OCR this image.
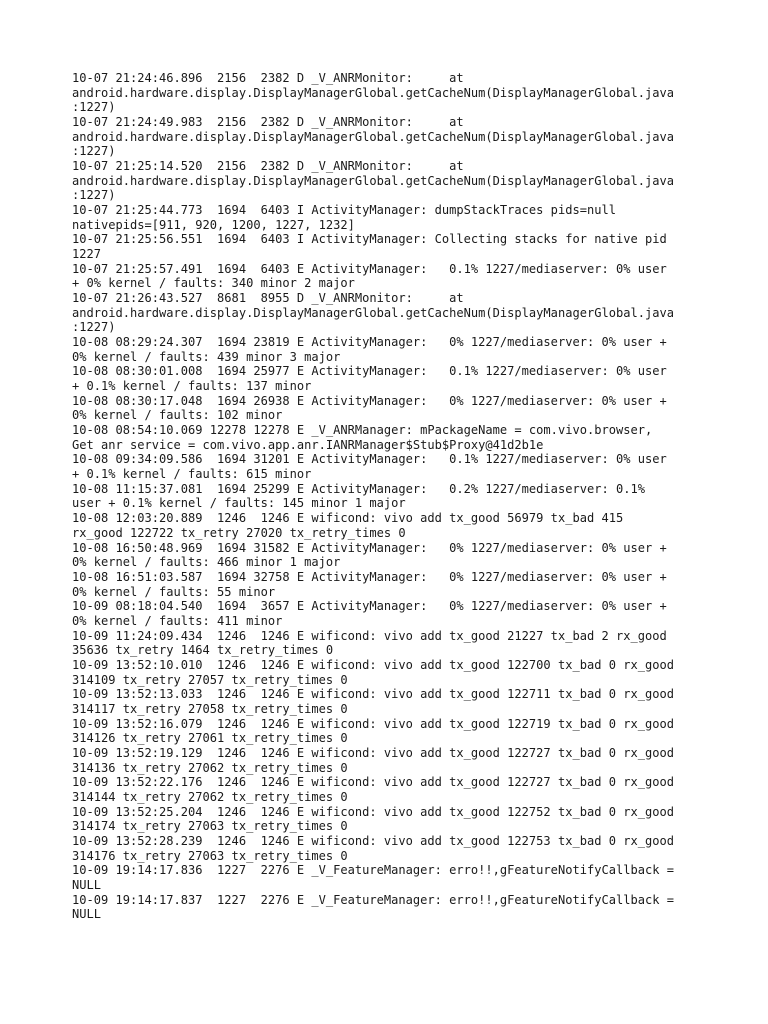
10-07 21:24:46.896  2156  2382 D _V_ANRMonitor:     at
android.hardware.display.DisplayManagerGlobal.getCacheNum(DisplayManagerGlobal.java
:1227)
10-07 21:24:49.983  2156  2382 D _V_ANRMonitor:     at
android.hardware.display.DisplayManagerGlobal.getCacheNum(DisplayManagerGlobal.java
:1227)
10-07 21:25:14.520  2156  2382 D _V_ANRMonitor:     at
android.hardware.display.DisplayManagerGlobal.getCacheNum(DisplayManagerGlobal.java
:1227)
10-07 21:25:44.773  1694  6403 I ActivityManager: dumpStackTraces pids=null
nativepids=[911, 920, 1200, 1227, 1232]
10-07 21:25:56.551  1694  6403 I ActivityManager: Collecting stacks for native pid
1227
10-07 21:25:57.491  1694  6403 E ActivityManager:   0.1% 1227/mediaserver: 0% user
+ 0% kernel / faults: 340 minor 2 major
10-07 21:26:43.527  8681  8955 D _V_ANRMonitor:     at
android.hardware.display.DisplayManagerGlobal.getCacheNum(DisplayManagerGlobal.java
:1227)
10-08 08:29:24.307  1694 23819 E ActivityManager:   0% 1227/mediaserver: 0% user +
0% kernel / faults: 439 minor 3 major
10-08 08:30:01.008  1694 25977 E ActivityManager:   0.1% 1227/mediaserver: 0% user
+ 0.1% kernel / faults: 137 minor
10-08 08:30:17.048  1694 26938 E ActivityManager:   0% 1227/mediaserver: 0% user +
0% kernel / faults: 102 minor
10-08 08:54:10.069 12278 12278 E _V_ANRManager: mPackageName = com.vivo.browser,
Get anr service = com.vivo.app.anr.IANRManager$Stub$Proxy@41d2b1e
10-08 09:34:09.586  1694 31201 E ActivityManager:   0.1% 1227/mediaserver: 0% user
+ 0.1% kernel / faults: 615 minor
10-08 11:15:37.081  1694 25299 E ActivityManager:   0.2% 1227/mediaserver: 0.1%
user + 0.1% kernel / faults: 145 minor 1 major
10-08 12:03:20.889  1246  1246 E wificond: vivo add tx_good 56979 tx_bad 415
rx_good 122722 tx_retry 27020 tx_retry_times 0
10-08 16:50:48.969  1694 31582 E ActivityManager:   0% 1227/mediaserver: 0% user +
0% kernel / faults: 466 minor 1 major
10-08 16:51:03.587  1694 32758 E ActivityManager:   0% 1227/mediaserver: 0% user +
0% kernel / faults: 55 minor
10-09 08:18:04.540  1694  3657 E ActivityManager:   0% 1227/mediaserver: 0% user +
0% kernel / faults: 411 minor
10-09 11:24:09.434  1246  1246 E wificond: vivo add tx_good 21227 tx_bad 2 rx_good
35636 tx_retry 1464 tx_retry_times 0
10-09 13:52:10.010  1246  1246 E wificond: vivo add tx_good 122700 tx_bad 0 rx_good
314109 tx_retry 27057 tx_retry_times 0
10-09 13:52:13.033  1246  1246 E wificond: vivo add tx_good 122711 tx_bad 0 rx_good
314117 tx_retry 27058 tx_retry_times 0
10-09 13:52:16.079  1246  1246 E wificond: vivo add tx_good 122719 tx_bad 0 rx_good
314126 tx_retry 27061 tx_retry_times 0
10-09 13:52:19.129  1246  1246 E wificond: vivo add tx_good 122727 tx_bad 0 rx_good
314136 tx_retry 27062 tx_retry_times 0
10-09 13:52:22.176  1246  1246 E wificond: vivo add tx_good 122727 tx_bad 0 rx_good
314144 tx_retry 27062 tx_retry_times 0
10-09 13:52:25.204  1246  1246 E wificond: vivo add tx_good 122752 tx_bad 0 rx_good
314174 tx_retry 27063 tx_retry_times 0
10-09 13:52:28.239  1246  1246 E wificond: vivo add tx_good 122753 tx_bad 0 rx_good
314176 tx_retry 27063 tx_retry_times 0
10-09 19:14:17.836  1227  2276 E _V_FeatureManager: erro!!,gFeatureNotifyCallback =
NULL
10-09 19:14:17.837  1227  2276 E _V_FeatureManager: erro!!,gFeatureNotifyCallback =
NULL
